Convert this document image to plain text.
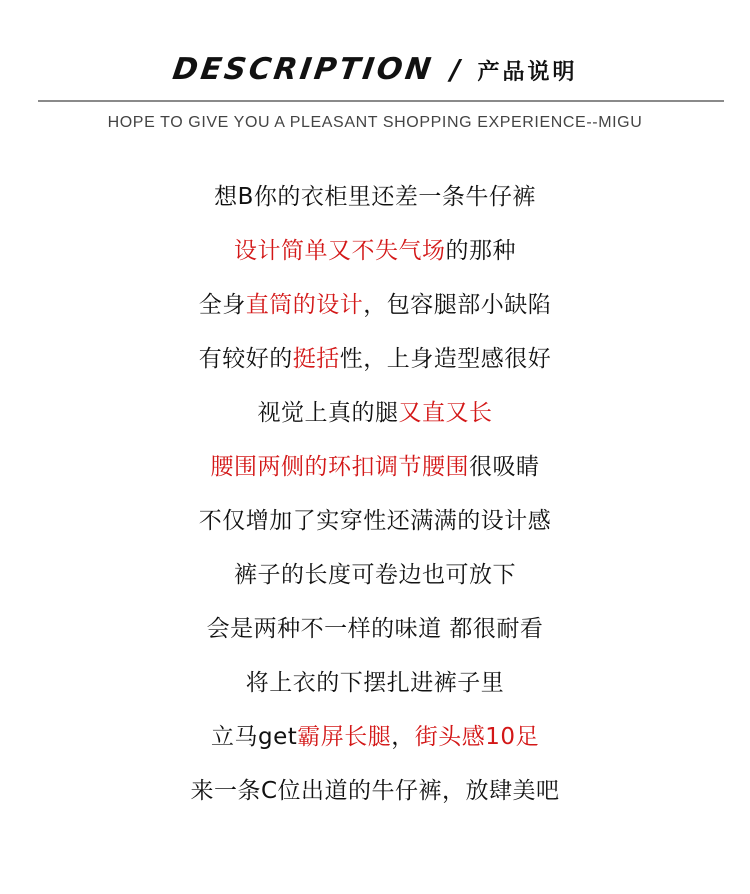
DESCRIPTION / 产品说明
HOPE TO GIVE YOU A PLEASANT SHOPPING EXPERIENCE--MIGU
想B你的衣柜里还差一条牛仔裤
设计简单又不失气场的那种
全身直筒的设计，包容腿部小缺陷
有较好的挺括性，上身造型感很好
视觉上真的腿又直又长
腰围两侧的环扣调节腰围很吸睛
不仅增加了实穿性还满满的设计感
裤子的长度可卷边也可放下
会是两种不一样的味道 都很耐看
将上衣的下摆扎进裤子里
立马get霸屏长腿，街头感10足
来一条C位出道的牛仔裤，放肆美吧
